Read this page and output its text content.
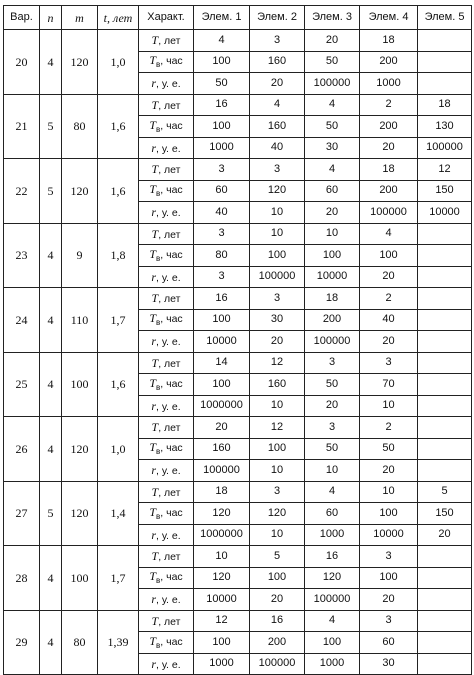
Вар.	n	m	t, лет	Характ.	Элем. 1	Элем. 2	Элем. 3	Элем. 4	Элем. 5
20	4	120	1,0	T, лет	4	3	20	18	
				$T_в$, час	100	160	50	200	
				r, у. е.	50	20	100000	1000	
21	5	80	1,6	T, лет	16	4	4	2	18
				$T_в$, час	100	160	50	200	130
				r, у. е.	1000	40	30	20	100000
22	5	120	1,6	T, лет	3	3	4	18	12
				$T_в$, час	60	120	60	200	150
				r, у. е.	40	10	20	100000	10000
23	4	9	1,8	T, лет	3	10	10	4	
				$T_в$, час	80	100	100	100	
				r, у. е.	3	100000	10000	20	
24	4	110	1,7	T, лет	16	3	18	2	
				$T_в$, час	100	30	200	40	
				r, у. е.	10000	20	100000	20	
25	4	100	1,6	T, лет	14	12	3	3	
				$T_в$, час	100	160	50	70	
				r, у. е.	1000000	10	20	10	
26	4	120	1,0	T, лет	20	12	3	2	
				$T_в$, час	160	100	50	50	
				r, у. е.	100000	10	10	20	
27	5	120	1,4	T, лет	18	3	4	10	5
				$T_в$, час	120	120	60	100	150
				r, у. е.	1000000	10	1000	10000	20
28	4	100	1,7	T, лет	10	5	16	3	
				$T_в$, час	120	100	120	100	
				r, у. е.	10000	20	100000	20	
29	4	80	1,39	T, лет	12	16	4	3	
				$T_в$, час	100	200	100	60	
				r, у. е.	1000	100000	1000	30	
